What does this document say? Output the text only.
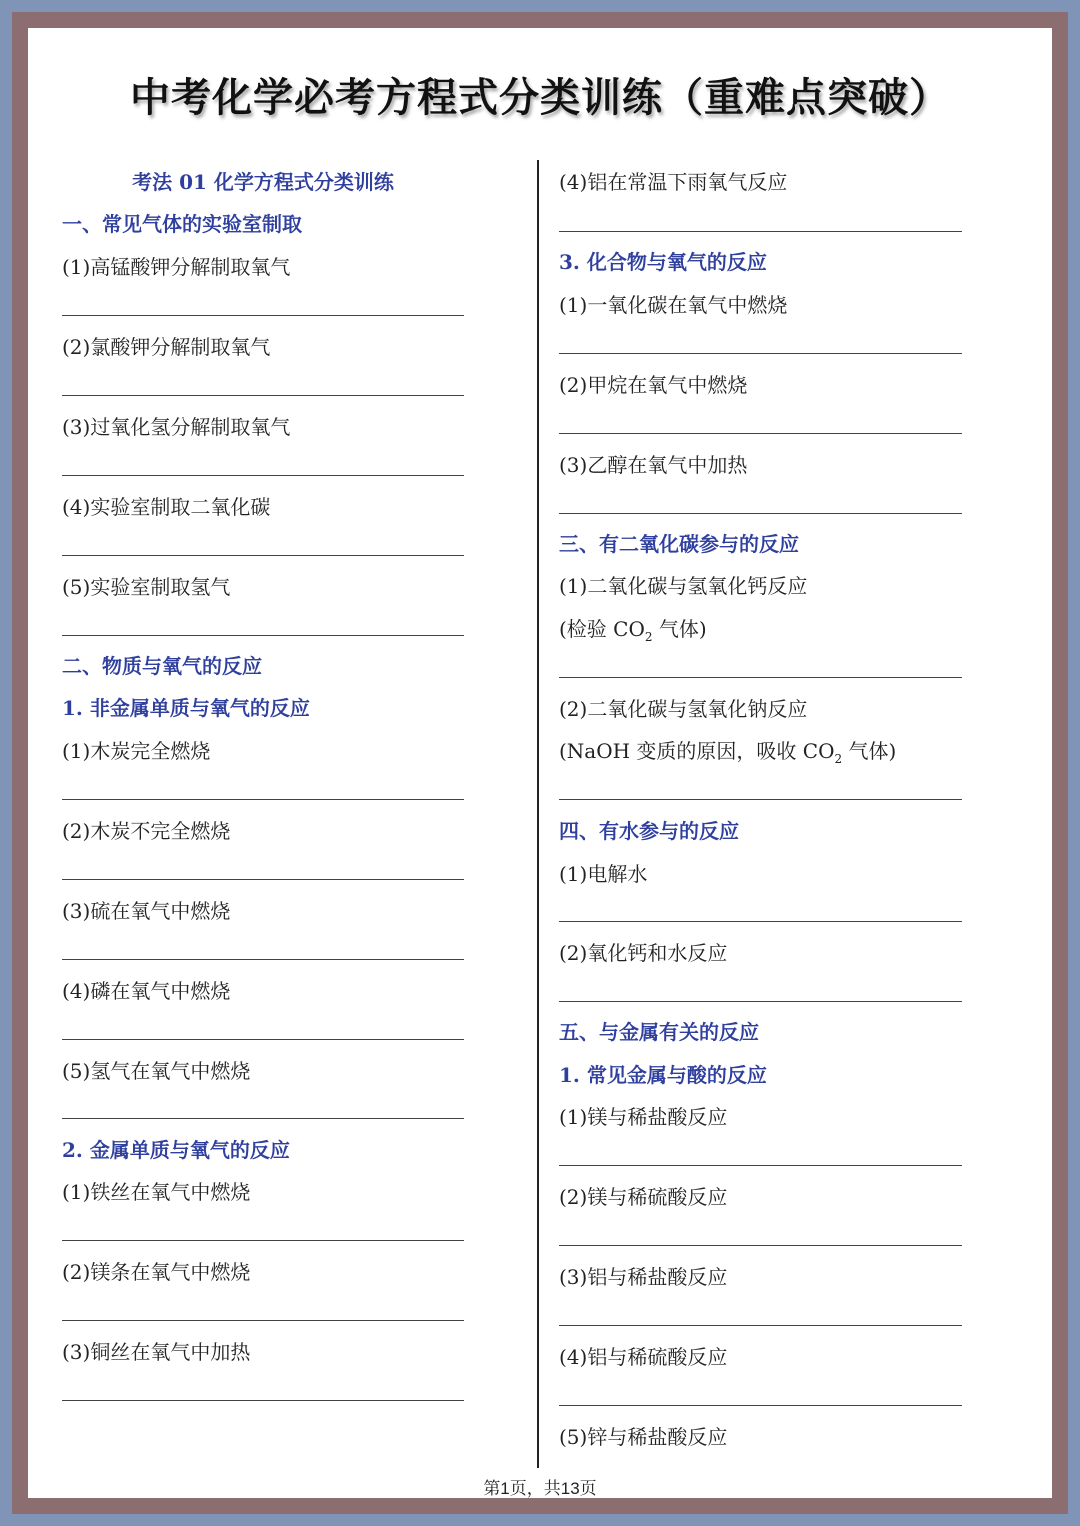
中考化学必考方程式分类训练（重难点突破）
考法 01 化学方程式分类训练
一、常见气体的实验室制取
(1)高锰酸钾分解制取氧气
(2)氯酸钾分解制取氧气
(3)过氧化氢分解制取氧气
(4)实验室制取二氧化碳
(5)实验室制取氢气
二、物质与氧气的反应
1. 非金属单质与氧气的反应
(1)木炭完全燃烧
(2)木炭不完全燃烧
(3)硫在氧气中燃烧
(4)磷在氧气中燃烧
(5)氢气在氧气中燃烧
2. 金属单质与氧气的反应
(1)铁丝在氧气中燃烧
(2)镁条在氧气中燃烧
(3)铜丝在氧气中加热
(4)铝在常温下雨氧气反应
3. 化合物与氧气的反应
(1)一氧化碳在氧气中燃烧
(2)甲烷在氧气中燃烧
(3)乙醇在氧气中加热
三、有二氧化碳参与的反应
(1)二氧化碳与氢氧化钙反应
(检验 $CO_2$ 气体)
(2)二氧化碳与氢氧化钠反应
(NaOH 变质的原因，吸收 $CO_2$ 气体)
四、有水参与的反应
(1)电解水
(2)氧化钙和水反应
五、与金属有关的反应
1. 常见金属与酸的反应
(1)镁与稀盐酸反应
(2)镁与稀硫酸反应
(3)铝与稀盐酸反应
(4)铝与稀硫酸反应
(5)锌与稀盐酸反应
第1页，共13页
